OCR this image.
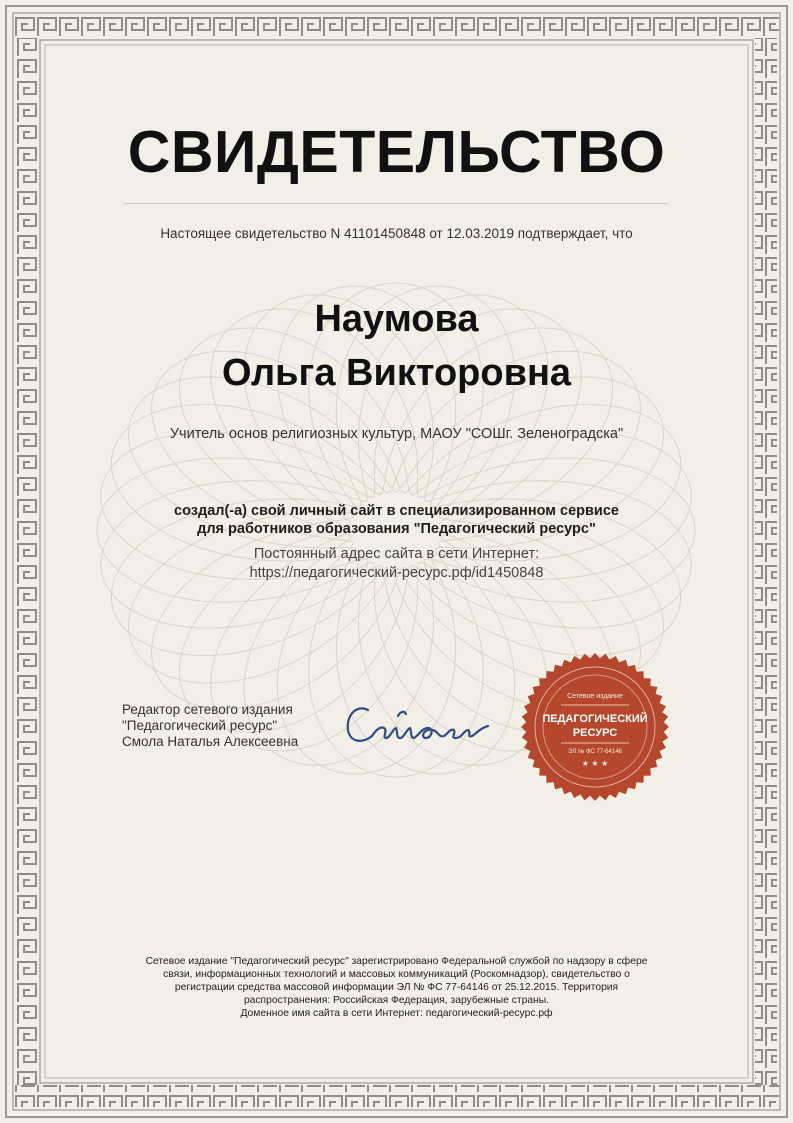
СВИДЕТЕЛЬСТВО
Настоящее свидетельство N 41101450848 от 12.03.2019 подтверждает, что
Наумова
Ольга Викторовна
Учитель основ религиозных культур, МАОУ "СОШг. Зеленоградска"
создал(-а) свой личный сайт в специализированном сервисе
для работников образования "Педагогический ресурс"
Постоянный адрес сайта в сети Интернет:
https://педагогический-ресурс.рф/id1450848
Редактор сетевого издания
"Педагогический ресурс"
Смола Наталья Алексеевна
Сетевое издание
ПЕДАГОГИЧЕСКИЙ
РЕСУРС
ЭЛ № ФС 77-64146
★ ★ ★
Сетевое издание "Педагогический ресурс" зарегистрировано Федеральной службой по надзору в сфере
связи, информационных технологий и массовых коммуникаций (Роскомнадзор), свидетельство о
регистрации средства массовой информации ЭЛ № ФС 77-64146 от 25.12.2015. Территория
распространения: Российская Федерация, зарубежные страны.
Доменное имя сайта в сети Интернет: педагогический-ресурс.рф
